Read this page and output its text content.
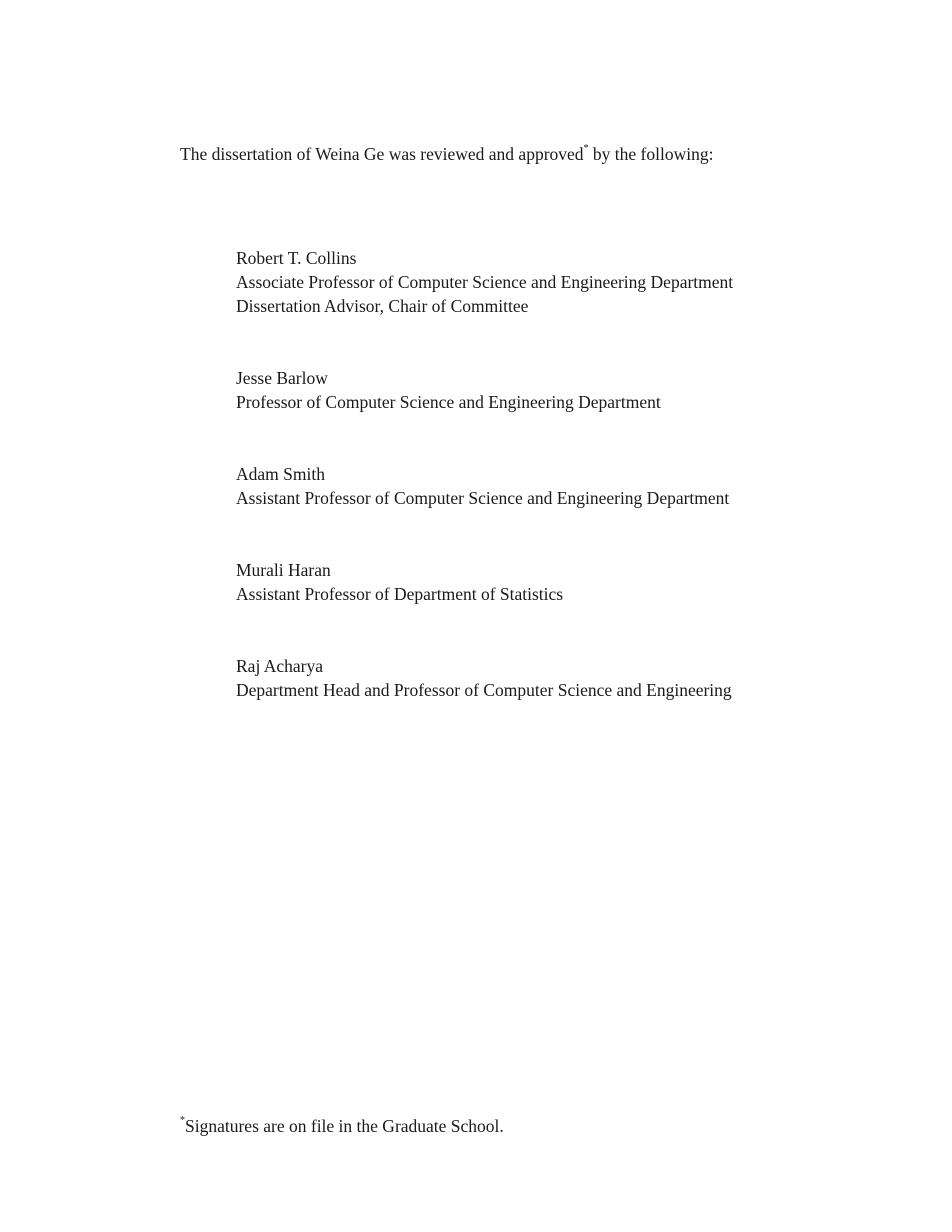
The dissertation of Weina Ge was reviewed and approved* by the following:

Robert T. Collins
Associate Professor of Computer Science and Engineering Department
Dissertation Advisor, Chair of Committee
Jesse Barlow
Professor of Computer Science and Engineering Department
Adam Smith
Assistant Professor of Computer Science and Engineering Department
Murali Haran
Assistant Professor of Department of Statistics
Raj Acharya
Department Head and Professor of Computer Science and Engineering

*Signatures are on file in the Graduate School.
